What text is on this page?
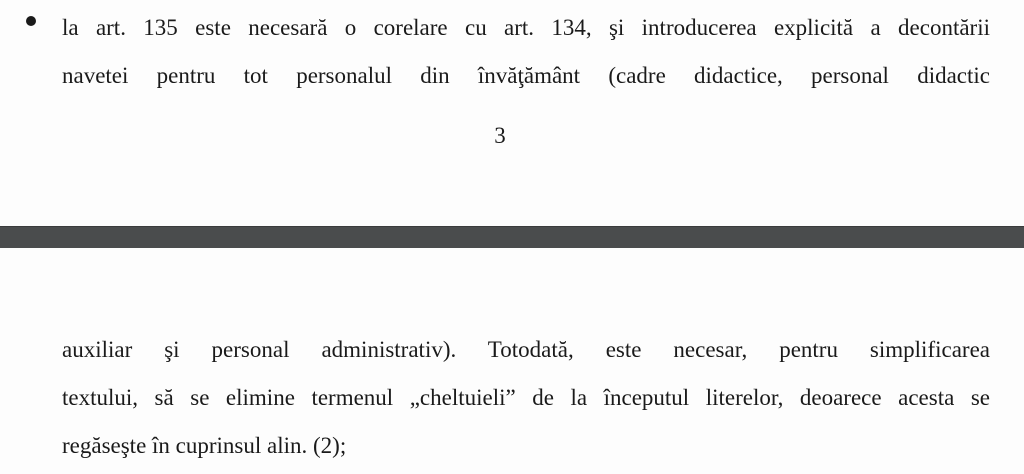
la art. 135 este necesară o corelare cu art. 134, şi introducerea explicită a decontării
navetei pentru tot personalul din învăţământ (cadre didactice, personal didactic
3
auxiliar şi personal administrativ). Totodată, este necesar, pentru simplificarea
textului, să se elimine termenul „cheltuieli” de la începutul literelor, deoarece acesta se
regăseşte în cuprinsul alin. (2);
